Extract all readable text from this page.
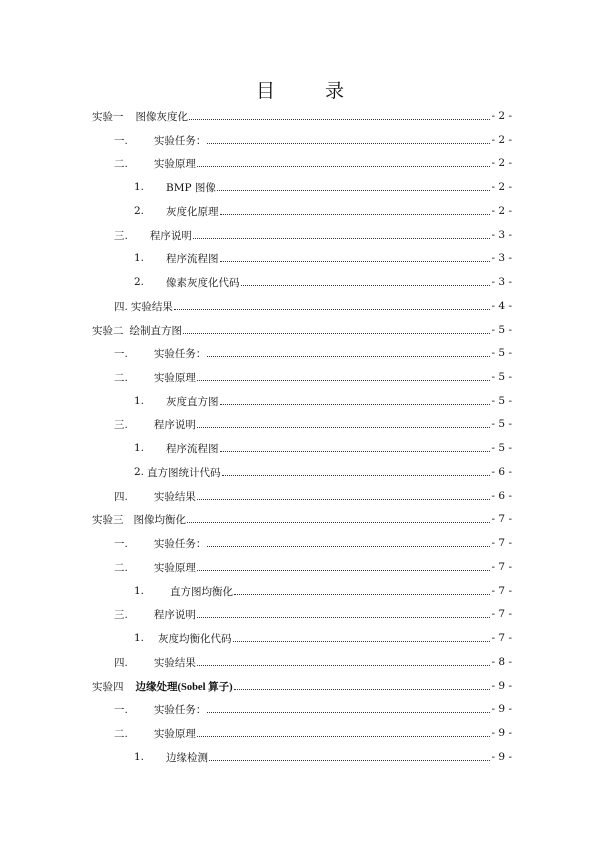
目 录
实验一 图像灰度化	- 2 -
一. 实验任务：	- 2 -
二. 实验原理	- 2 -
1. BMP 图像	- 2 -
2. 灰度化原理	- 2 -
三. 程序说明	- 3 -
1. 程序流程图	- 3 -
2. 像素灰度化代码	- 3 -
四. 实验结果	- 4 -
实验二 绘制直方图	- 5 -
一. 实验任务：	- 5 -
二. 实验原理	- 5 -
1. 灰度直方图	- 5 -
三. 程序说明	- 5 -
1. 程序流程图	- 5 -
2. 直方图统计代码	- 6 -
四. 实验结果	- 6 -
实验三 图像均衡化	- 7 -
一. 实验任务：	- 7 -
二. 实验原理	- 7 -
1. 直方图均衡化	- 7 -
三. 程序说明	- 7 -
1. 灰度均衡化代码	- 7 -
四. 实验结果	- 8 -
实验四 边缘处理(Sobel 算子)	- 9 -
一. 实验任务：	- 9 -
二. 实验原理	- 9 -
1. 边缘检测	- 9 -
